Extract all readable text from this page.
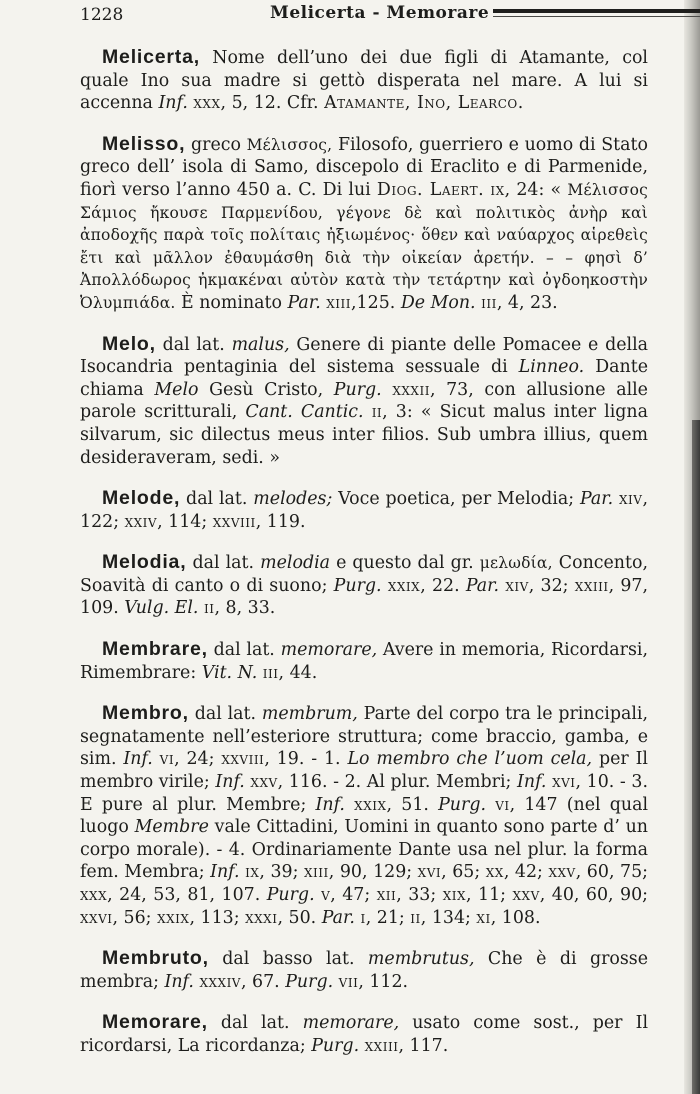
1228	Melicerta - Memorare

Melicerta, Nome dell’uno dei due figli di Atamante, col quale Ino sua madre si gettò disperata nel mare. A lui si accenna Inf. xxx, 5, 12. Cfr. Atamante, Ino, Learco.

Melisso, greco Μέλισσος, Filosofo, guerriero e uomo di Stato greco dell’ isola di Samo, discepolo di Eraclito e di Parmenide, fiorì verso l’anno 450 a. C. Di lui Diog. Laert. ix, 24: « Μέλισσος Σάμιος ἤκουσε Παρμενίδου, γέγονε δὲ καὶ πολιτικὸς ἀνὴρ καὶ ἀποδοχῆς παρὰ τοῖς πολίταις ἠξιωμένος· ὅθεν καὶ ναύαρχος αἱρεθεὶς ἔτι καὶ μᾶλλον ἐθαυμάσθη διὰ τὴν οἰκείαν ἀρετήν. – – φησὶ δ’ Ἀπολλόδωρος ἠκμακέναι αὐτὸν κατὰ τὴν τετάρτην καὶ ὀγδοηκοστὴν Ὀλυμπιάδα. È nominato Par. xiii,125. De Mon. iii, 4, 23.

Melo, dal lat. malus, Genere di piante delle Pomacee e della Isocandria pentaginia del sistema sessuale di Linneo. Dante chiama Melo Gesù Cristo, Purg. xxxii, 73, con allusione alle parole scritturali, Cant. Cantic. ii, 3: « Sicut malus inter ligna silvarum, sic dilectus meus inter filios. Sub umbra illius, quem desideraveram, sedi. »

Melode, dal lat. melodes; Voce poetica, per Melodia; Par. xiv, 122; xxiv, 114; xxviii, 119.

Melodia, dal lat. melodia e questo dal gr. μελωδία, Concento, Soavità di canto o di suono; Purg. xxix, 22. Par. xiv, 32; xxiii, 97, 109. Vulg. El. ii, 8, 33.

Membrare, dal lat. memorare, Avere in memoria, Ricordarsi, Rimembrare: Vit. N. iii, 44.

Membro, dal lat. membrum, Parte del corpo tra le principali, segnatamente nell’esteriore struttura; come braccio, gamba, e sim. Inf. vi, 24; xxviii, 19. - 1. Lo membro che l’uom cela, per Il membro virile; Inf. xxv, 116. - 2. Al plur. Membri; Inf. xvi, 10. - 3. E pure al plur. Membre; Inf. xxix, 51. Purg. vi, 147 (nel qual luogo Membre vale Cittadini, Uomini in quanto sono parte d’ un corpo morale). - 4. Ordinariamente Dante usa nel plur. la forma fem. Membra; Inf. ix, 39; xiii, 90, 129; xvi, 65; xx, 42; xxv, 60, 75; xxx, 24, 53, 81, 107. Purg. v, 47; xii, 33; xix, 11; xxv, 40, 60, 90; xxvi, 56; xxix, 113; xxxi, 50. Par. i, 21; ii, 134; xi, 108.

Membruto, dal basso lat. membrutus, Che è di grosse membra; Inf. xxxiv, 67. Purg. vii, 112.

Memorare, dal lat. memorare, usato come sost., per Il ricordarsi, La ricordanza; Purg. xxiii, 117.
